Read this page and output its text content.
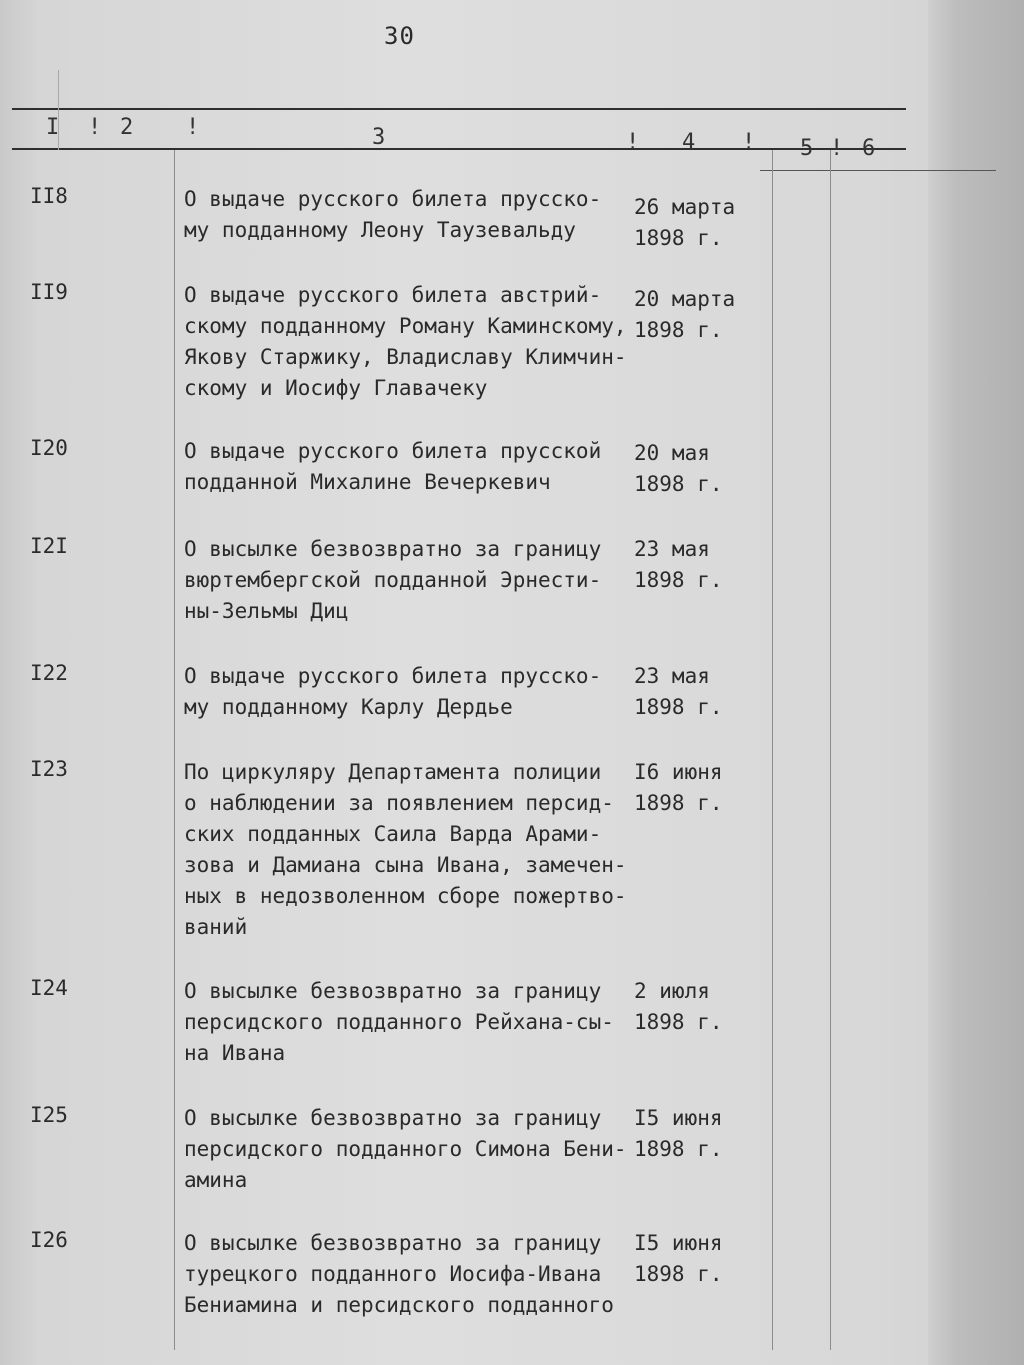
30
I ! 2 !	3	! 4 ! 5 ! 6
II8	О выдаче русского билета прусско-
му подданному Леону Таузевальду
26 марта
1898 г.
II9	О выдаче русского билета австрий-
скому подданному Роману Каминскому,
Якову Старжику, Владиславу Климчин-
скому и Иосифу Главачеку
20 марта
1898 г.
I20	О выдаче русского билета прусской
подданной Михалине Вечеркевич
20 мая
1898 г.
I2I	О высылке безвозвратно за границу
вюртембергской подданной Эрнести-
ны-Зельмы Диц
23 мая
1898 г.
I22	О выдаче русского билета прусско-
му подданному Карлу Дердье
23 мая
1898 г.
I23	По циркуляру Департамента полиции
о наблюдении за появлением персид-
ских подданных Саила Варда Арами-
зова и Дамиана сына Ивана, замечен-
ных в недозволенном сборе пожертво-
ваний
I6 июня
1898 г.
I24	О высылке безвозвратно за границу
персидского подданного Рейхана-сы-
на Ивана
2 июля
1898 г.
I25	О высылке безвозвратно за границу
персидского подданного Симона Бени-
амина
I5 июня
1898 г.
I26	О высылке безвозвратно за границу
турецкого подданного Иосифа-Ивана
Бениамина и персидского подданного
I5 июня
1898 г.
